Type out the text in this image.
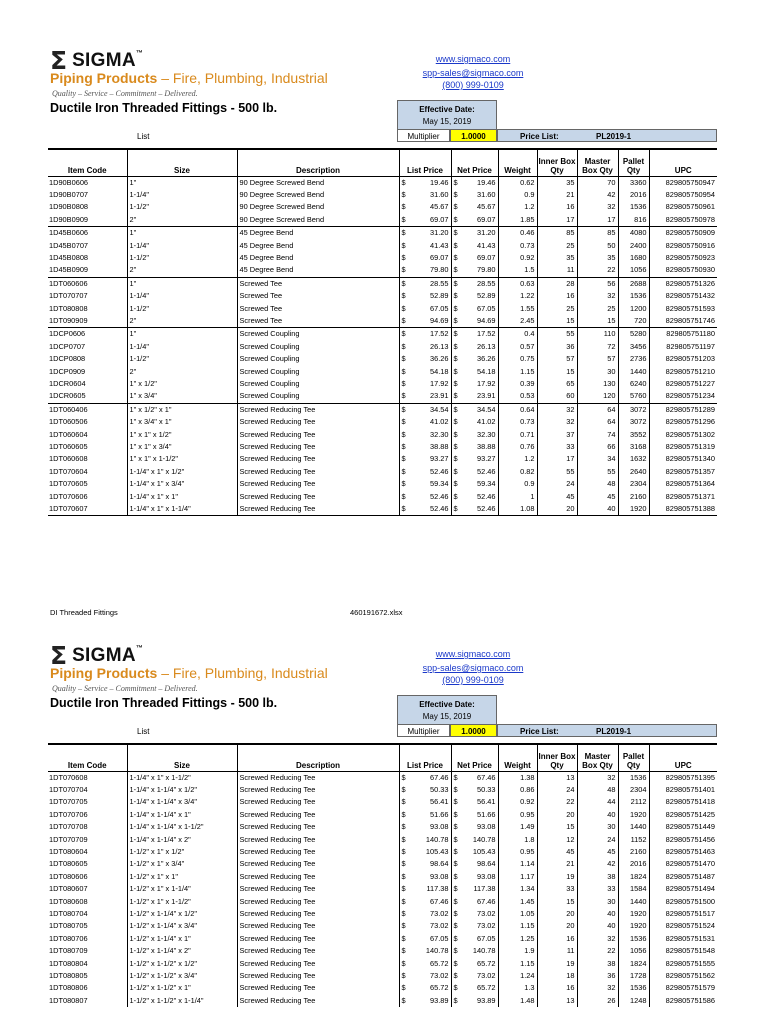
Σ SIGMA™
Piping Products – Fire, Plumbing, Industrial
Quality – Service – Commitment – Delivered.
www.sigmaco.com
spp-sales@sigmaco.com
(800) 999-0109
Ductile Iron Threaded Fittings - 500 lb.	Effective Date:
May 15, 2019
List	Multiplier	1.0000	Price List:	PL2019-1
Item Code	Size	Description	List Price	Net Price	Weight	Inner Box Qty	Master Box Qty	Pallet Qty	UPC
1D90B0606	1"	90 Degree Screwed Bend	$ 19.46	$ 19.46	0.62	35	70	3360	829805750947
1D90B0707	1-1/4"	90 Degree Screwed Bend	$ 31.60	$ 31.60	0.9	21	42	2016	829805750954
1D90B0808	1-1/2"	90 Degree Screwed Bend	$ 45.67	$ 45.67	1.2	16	32	1536	829805750961
1D90B0909	2"	90 Degree Screwed Bend	$ 69.07	$ 69.07	1.85	17	17	816	829805750978
1D45B0606	1"	45 Degree Bend	$ 31.20	$ 31.20	0.46	85	85	4080	829805750909
1D45B0707	1-1/4"	45 Degree Bend	$ 41.43	$ 41.43	0.73	25	50	2400	829805750916
1D45B0808	1-1/2"	45 Degree Bend	$ 69.07	$ 69.07	0.92	35	35	1680	829805750923
1D45B0909	2"	45 Degree Bend	$ 79.80	$ 79.80	1.5	11	22	1056	829805750930
1DT060606	1"	Screwed Tee	$ 28.55	$ 28.55	0.63	28	56	2688	829805751326
1DT070707	1-1/4"	Screwed Tee	$ 52.89	$ 52.89	1.22	16	32	1536	829805751432
1DT080808	1-1/2"	Screwed Tee	$ 67.05	$ 67.05	1.55	25	25	1200	829805751593
1DT090909	2"	Screwed Tee	$ 94.69	$ 94.69	2.45	15	15	720	829805751746
1DCP0606	1"	Screwed Coupling	$ 17.52	$ 17.52	0.4	55	110	5280	829805751180
1DCP0707	1-1/4"	Screwed Coupling	$ 26.13	$ 26.13	0.57	36	72	3456	829805751197
1DCP0808	1-1/2"	Screwed Coupling	$ 36.26	$ 36.26	0.75	57	57	2736	829805751203
1DCP0909	2"	Screwed Coupling	$ 54.18	$ 54.18	1.15	15	30	1440	829805751210
1DCR0604	1" x 1/2"	Screwed Coupling	$ 17.92	$ 17.92	0.39	65	130	6240	829805751227
1DCR0605	1" x 3/4"	Screwed Coupling	$ 23.91	$ 23.91	0.53	60	120	5760	829805751234
1DT060406	1" x 1/2" x 1"	Screwed Reducing Tee	$ 34.54	$ 34.54	0.64	32	64	3072	829805751289
1DT060506	1" x 3/4" x 1"	Screwed Reducing Tee	$ 41.02	$ 41.02	0.73	32	64	3072	829805751296
1DT060604	1" x 1" x 1/2"	Screwed Reducing Tee	$ 32.30	$ 32.30	0.71	37	74	3552	829805751302
1DT060605	1" x 1" x 3/4"	Screwed Reducing Tee	$ 38.88	$ 38.88	0.76	33	66	3168	829805751319
1DT060608	1" x 1" x 1-1/2"	Screwed Reducing Tee	$ 93.27	$ 93.27	1.2	17	34	1632	829805751340
1DT070604	1-1/4" x 1" x 1/2"	Screwed Reducing Tee	$ 52.46	$ 52.46	0.82	55	55	2640	829805751357
1DT070605	1-1/4" x 1" x 3/4"	Screwed Reducing Tee	$ 59.34	$ 59.34	0.9	24	48	2304	829805751364
1DT070606	1-1/4" x 1" x 1"	Screwed Reducing Tee	$ 52.46	$ 52.46	1	45	45	2160	829805751371
1DT070607	1-1/4" x 1" x 1-1/4"	Screwed Reducing Tee	$ 52.46	$ 52.46	1.08	20	40	1920	829805751388
DI Threaded Fittings	460191672.xlsx
Σ SIGMA™
Piping Products – Fire, Plumbing, Industrial
Quality – Service – Commitment – Delivered.
www.sigmaco.com
spp-sales@sigmaco.com
(800) 999-0109
Ductile Iron Threaded Fittings - 500 lb.	Effective Date:
May 15, 2019
List	Multiplier	1.0000	Price List:	PL2019-1
Item Code	Size	Description	List Price	Net Price	Weight	Inner Box Qty	Master Box Qty	Pallet Qty	UPC
1DT070608	1-1/4" x 1" x 1-1/2"	Screwed Reducing Tee	$ 67.46	$ 67.46	1.38	13	32	1536	829805751395
1DT070704	1-1/4" x 1-1/4" x 1/2"	Screwed Reducing Tee	$ 50.33	$ 50.33	0.86	24	48	2304	829805751401
1DT070705	1-1/4" x 1-1/4" x 3/4"	Screwed Reducing Tee	$ 56.41	$ 56.41	0.92	22	44	2112	829805751418
1DT070706	1-1/4" x 1-1/4" x 1"	Screwed Reducing Tee	$ 51.66	$ 51.66	0.95	20	40	1920	829805751425
1DT070708	1-1/4" x 1-1/4" x 1-1/2"	Screwed Reducing Tee	$ 93.08	$ 93.08	1.49	15	30	1440	829805751449
1DT070709	1-1/4" x 1-1/4" x 2"	Screwed Reducing Tee	$ 140.78	$ 140.78	1.8	12	24	1152	829805751456
1DT080604	1-1/2" x 1" x 1/2"	Screwed Reducing Tee	$ 105.43	$ 105.43	0.95	45	45	2160	829805751463
1DT080605	1-1/2" x 1" x 3/4"	Screwed Reducing Tee	$ 98.64	$ 98.64	1.14	21	42	2016	829805751470
1DT080606	1-1/2" x 1" x 1"	Screwed Reducing Tee	$ 93.08	$ 93.08	1.17	19	38	1824	829805751487
1DT080607	1-1/2" x 1" x 1-1/4"	Screwed Reducing Tee	$ 117.38	$ 117.38	1.34	33	33	1584	829805751494
1DT080608	1-1/2" x 1" x 1-1/2"	Screwed Reducing Tee	$ 67.46	$ 67.46	1.45	15	30	1440	829805751500
1DT080704	1-1/2" x 1-1/4" x 1/2"	Screwed Reducing Tee	$ 73.02	$ 73.02	1.05	20	40	1920	829805751517
1DT080705	1-1/2" x 1-1/4" x 3/4"	Screwed Reducing Tee	$ 73.02	$ 73.02	1.15	20	40	1920	829805751524
1DT080706	1-1/2" x 1-1/4" x 1"	Screwed Reducing Tee	$ 67.05	$ 67.05	1.25	16	32	1536	829805751531
1DT080709	1-1/2" x 1-1/4" x 2"	Screwed Reducing Tee	$ 140.78	$ 140.78	1.9	11	22	1056	829805751548
1DT080804	1-1/2" x 1-1/2" x 1/2"	Screwed Reducing Tee	$ 65.72	$ 65.72	1.15	19	38	1824	829805751555
1DT080805	1-1/2" x 1-1/2" x 3/4"	Screwed Reducing Tee	$ 73.02	$ 73.02	1.24	18	36	1728	829805751562
1DT080806	1-1/2" x 1-1/2" x 1"	Screwed Reducing Tee	$ 65.72	$ 65.72	1.3	16	32	1536	829805751579
1DT080807	1-1/2" x 1-1/2" x 1-1/4"	Screwed Reducing Tee	$ 93.89	$ 93.89	1.48	13	26	1248	829805751586
